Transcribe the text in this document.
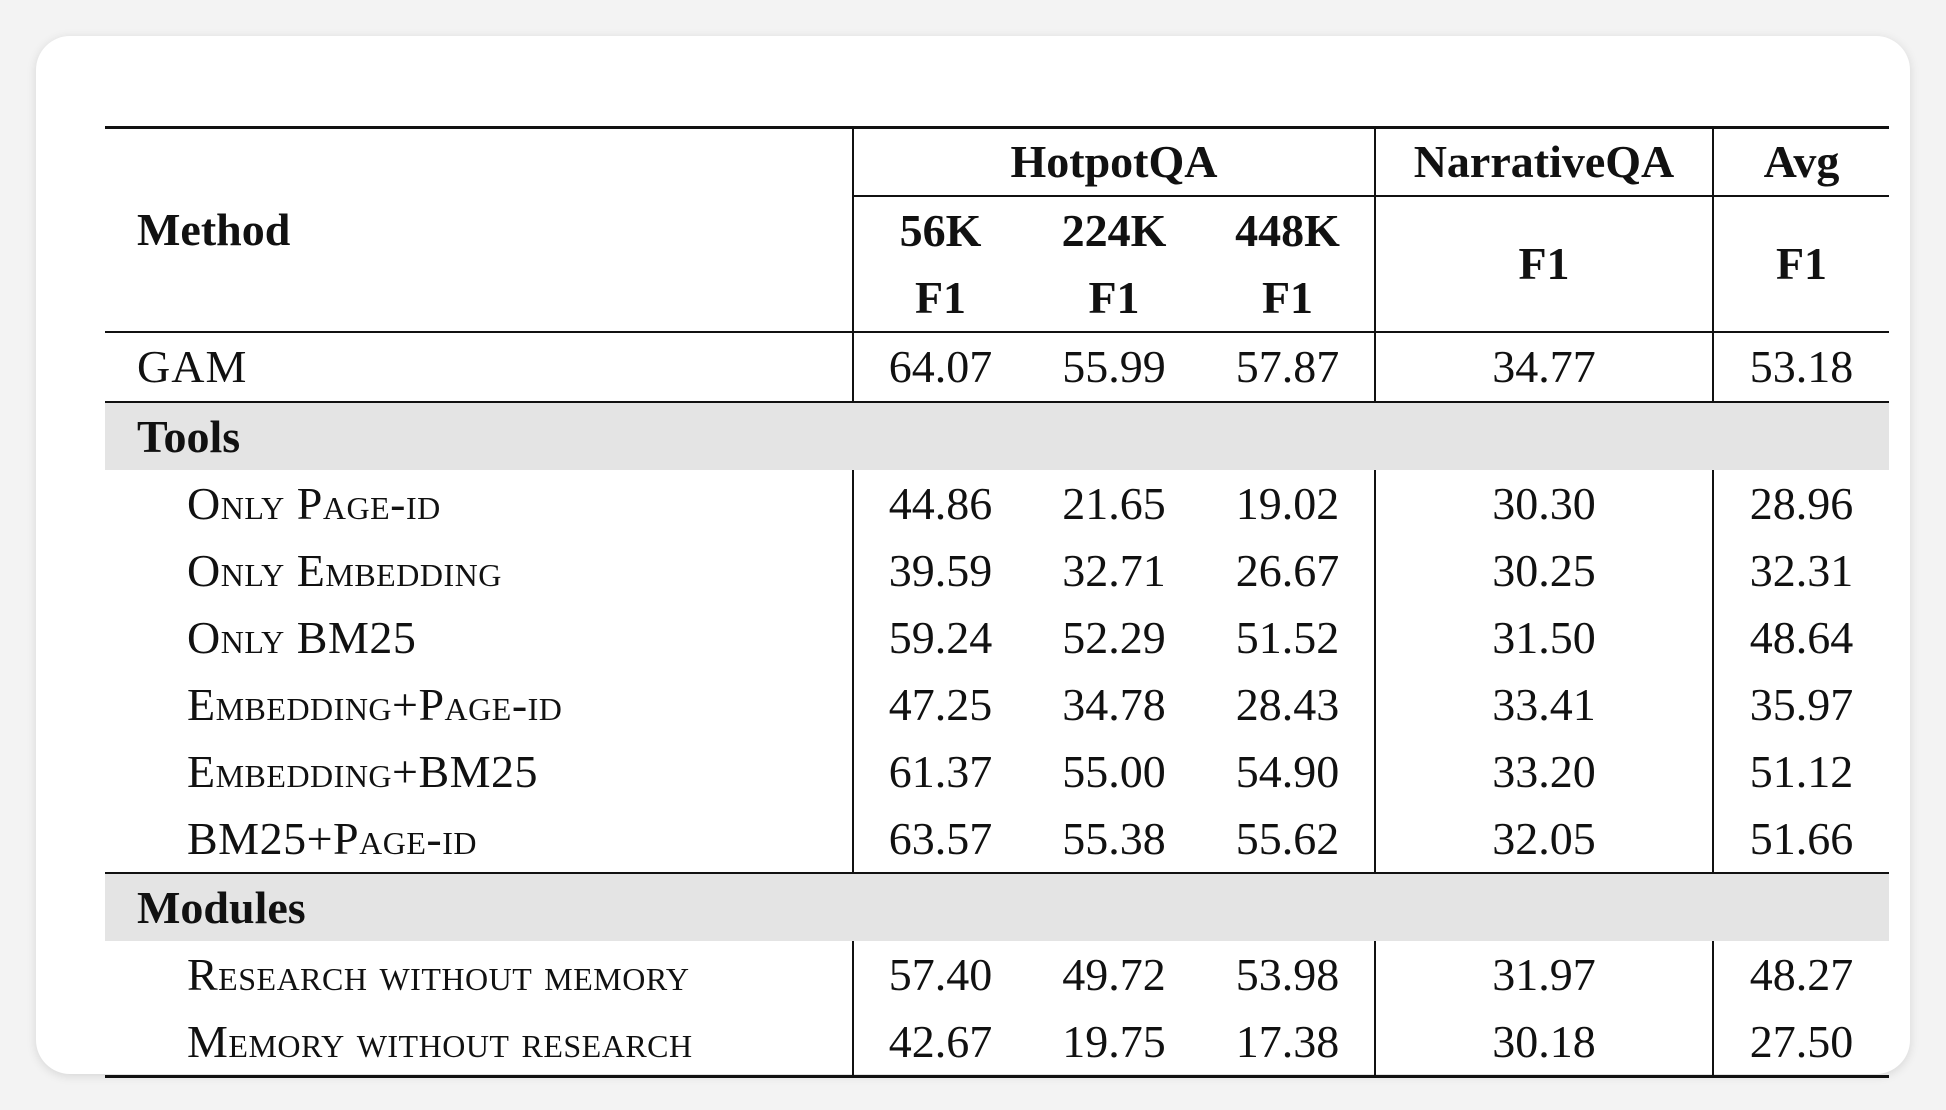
Method	HotpotQA			NarrativeQA	Avg
	56K	224K	448K	F1	F1
	F1	F1	F1		
GAM	64.07	55.99	57.87	34.77	53.18
Tools					
Only Page-id	44.86	21.65	19.02	30.30	28.96
Only Embedding	39.59	32.71	26.67	30.25	32.31
Only BM25	59.24	52.29	51.52	31.50	48.64
Embedding+Page-id	47.25	34.78	28.43	33.41	35.97
Embedding+BM25	61.37	55.00	54.90	33.20	51.12
BM25+Page-id	63.57	55.38	55.62	32.05	51.66
Modules					
Research without memory	57.40	49.72	53.98	31.97	48.27
Memory without research	42.67	19.75	17.38	30.18	27.50
